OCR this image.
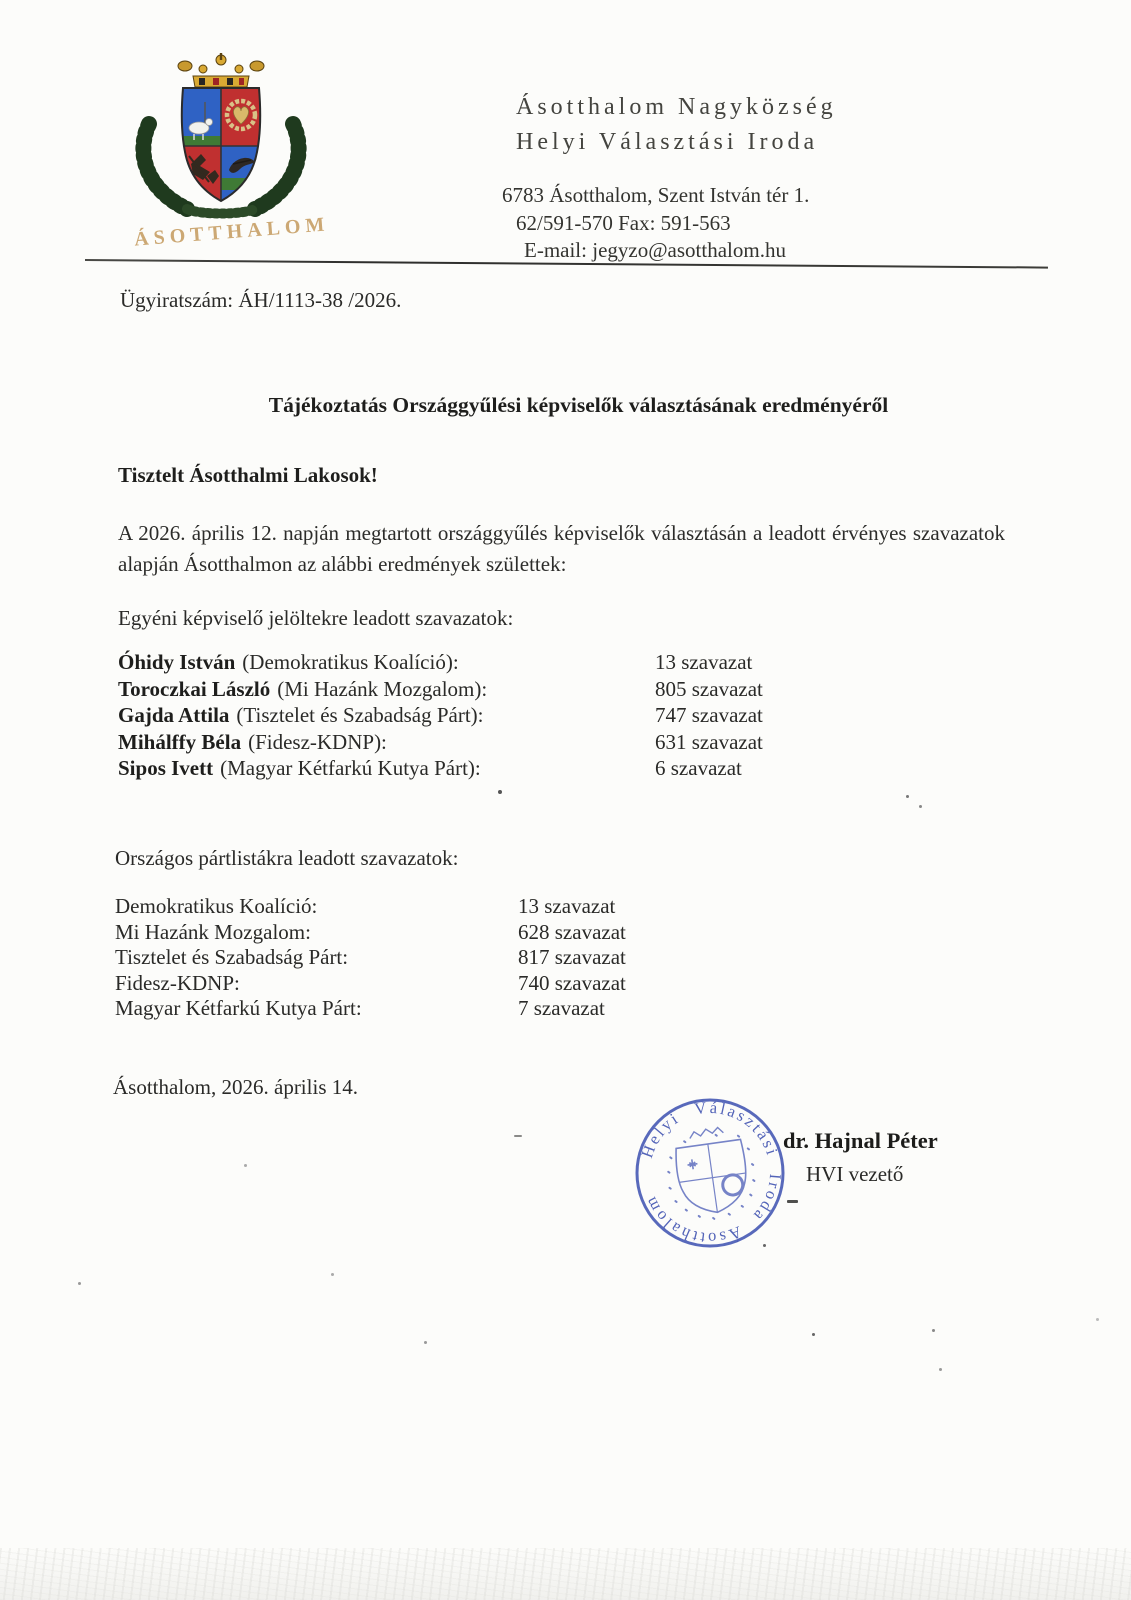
ÁSOTTHALOM
Ásotthalom Nagyközség
Helyi Választási Iroda
6783 Ásotthalom, Szent István tér 1.
62/591-570 Fax: 591-563
E-mail: jegyzo@asotthalom.hu
Ügyiratszám: ÁH/1113-38 /2026.
Tájékoztatás Országgyűlési képviselők választásának eredményéről
Tisztelt Ásotthalmi Lakosok!
A 2026. április 12. napján megtartott országgyűlés képviselők választásán a leadott érvényes szavazatok alapján Ásotthalmon az alábbi eredmények születtek:
Egyéni képviselő jelöltekre leadott szavazatok:
Óhidy István (Demokratikus Koalíció):	13 szavazat
Toroczkai László (Mi Hazánk Mozgalom):	805 szavazat
Gajda Attila (Tisztelet és Szabadság Párt):	747 szavazat
Mihálffy Béla (Fidesz-KDNP):	631 szavazat
Sipos Ivett (Magyar Kétfarkú Kutya Párt):	6 szavazat
Országos pártlistákra leadott szavazatok:
Demokratikus Koalíció:	13 szavazat
Mi Hazánk Mozgalom:	628 szavazat
Tisztelet és Szabadság Párt:	817 szavazat
Fidesz-KDNP:	740 szavazat
Magyar Kétfarkú Kutya Párt:	7 szavazat
Ásotthalom, 2026. április 14.
Helyi Választási Iroda Ásotthalom
dr. Hajnal Péter
HVI vezető
